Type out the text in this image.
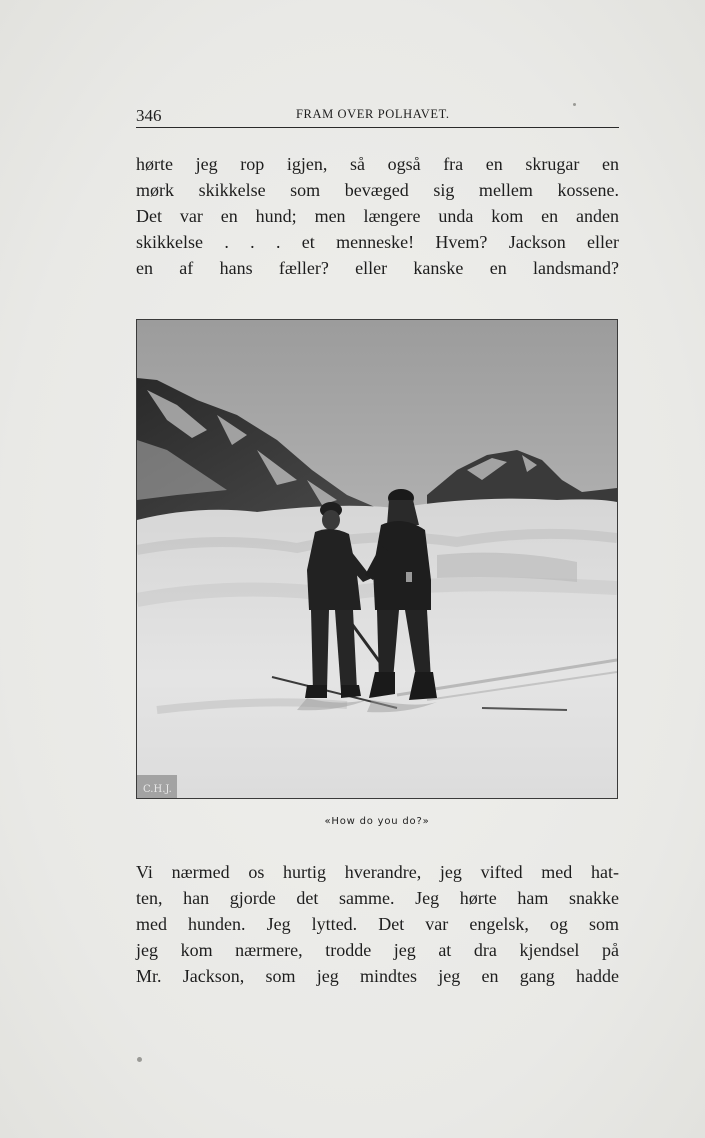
346	FRAM OVER POLHAVET.

hørte jeg rop igjen, så også fra en skrugar en
mørk skikkelse som bevæged sig mellem kossene.
Det var en hund; men længere unda kom en anden
skikkelse . . . et menneske! Hvem? Jackson eller
en af hans fæller? eller kanske en landsmand?

C.H.J.
«How do you do?»

Vi nærmed os hurtig hverandre, jeg vifted med hat-
ten, han gjorde det samme. Jeg hørte ham snakke
med hunden. Jeg lytted. Det var engelsk, og som
jeg kom nærmere, trodde jeg at dra kjendsel på
Mr. Jackson, som jeg mindtes jeg en gang hadde
